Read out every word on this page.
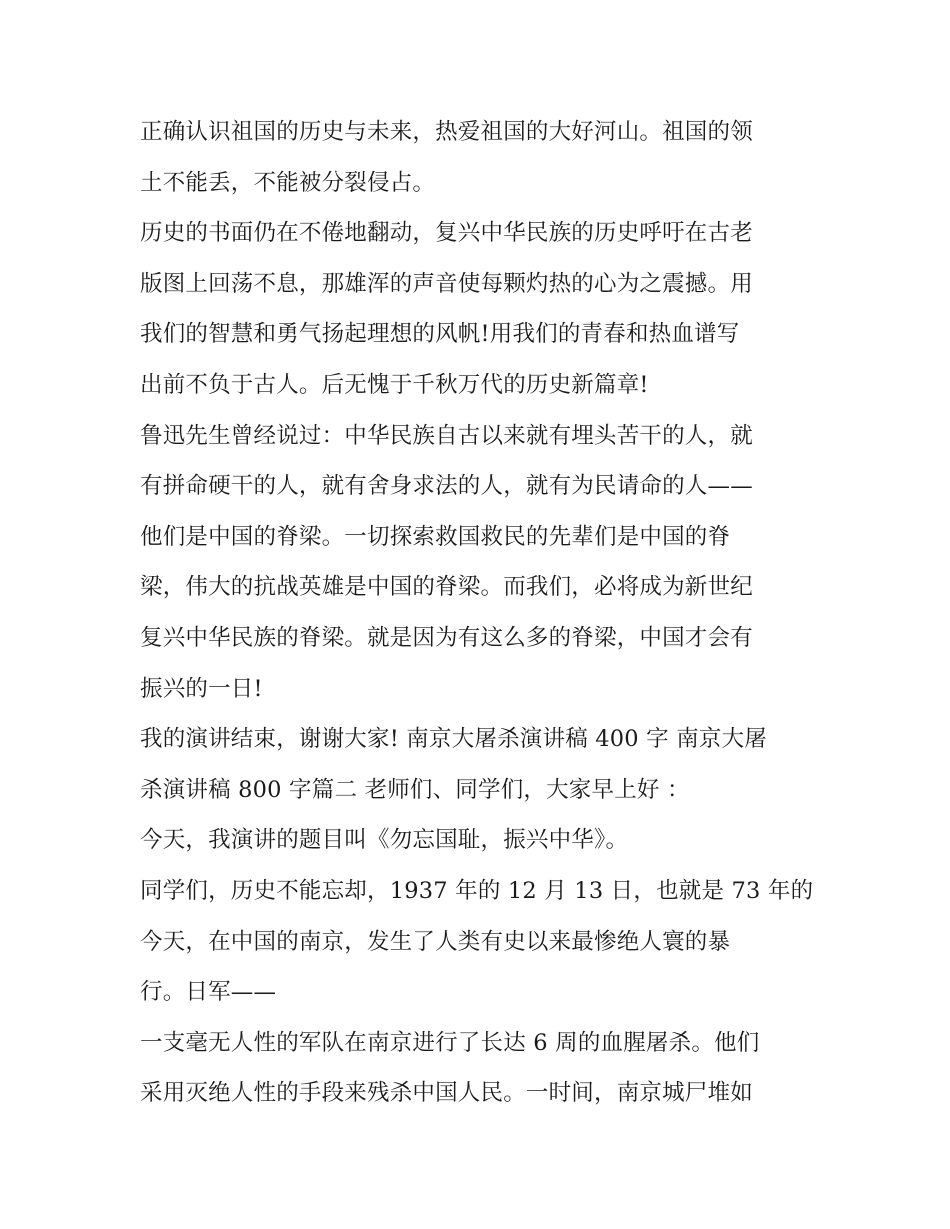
正确认识祖国的历史与未来，热爱祖国的大好河山。祖国的领
土不能丢，不能被分裂侵占。
历史的书面仍在不倦地翻动，复兴中华民族的历史呼吁在古老
版图上回荡不息，那雄浑的声音使每颗灼热的心为之震撼。用
我们的智慧和勇气扬起理想的风帆!用我们的青春和热血谱写
出前不负于古人。后无愧于千秋万代的历史新篇章!
鲁迅先生曾经说过：中华民族自古以来就有埋头苦干的人，就
有拼命硬干的人，就有舍身求法的人，就有为民请命的人——
他们是中国的脊梁。一切探索救国救民的先辈们是中国的脊
梁，伟大的抗战英雄是中国的脊梁。而我们，必将成为新世纪
复兴中华民族的脊梁。就是因为有这么多的脊梁，中国才会有
振兴的一日!
我的演讲结束，谢谢大家! 南京大屠杀演讲稿 400 字 南京大屠
杀演讲稿 800 字篇二 老师们、同学们，大家早上好 ：
今天，我演讲的题目叫《勿忘国耻，振兴中华》。
同学们，历史不能忘却，1937 年的 12 月 13 日，也就是 73 年的
今天，在中国的南京，发生了人类有史以来最惨绝人寰的暴
行。日军——
一支毫无人性的军队在南京进行了长达 6 周的血腥屠杀。他们
采用灭绝人性的手段来残杀中国人民。一时间，南京城尸堆如
